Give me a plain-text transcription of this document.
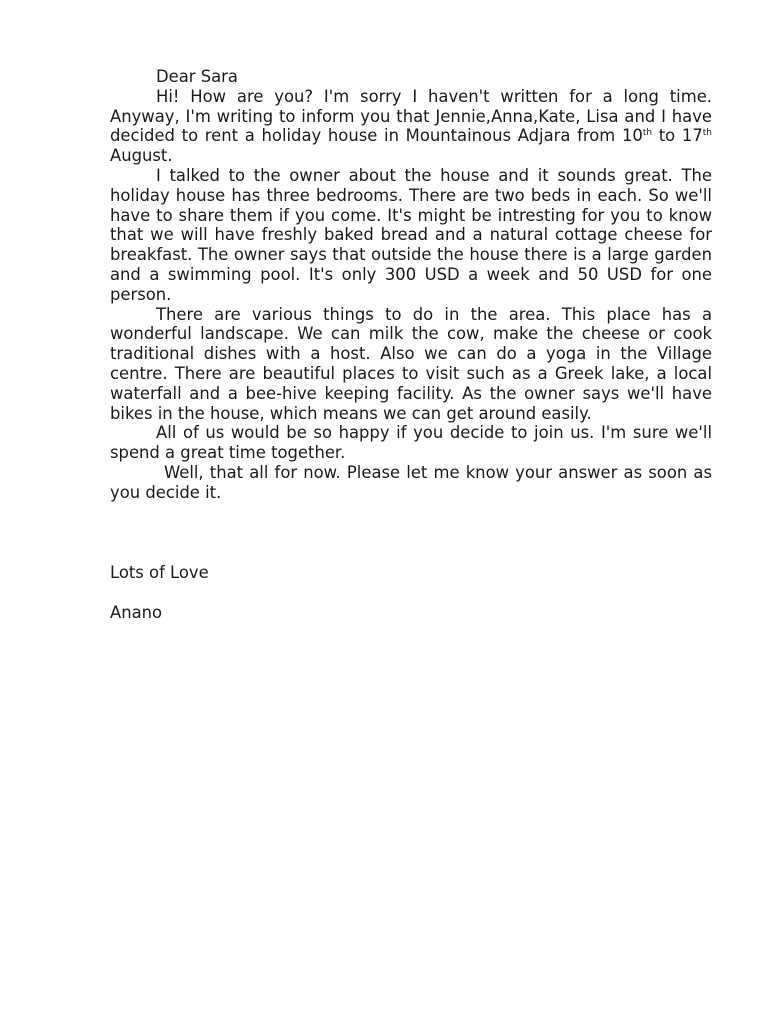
Dear Sara

Hi! How are you? I'm sorry I haven't written for a long time. Anyway, I'm writing to inform you that Jennie,Anna,Kate, Lisa and I have decided to rent a holiday house in Mountainous Adjara from 10th to 17th August.

I talked to the owner about the house and it sounds great. The holiday house has three bedrooms. There are two beds in each. So we'll have to share them if you come. It's might be intresting for you to know that we will have freshly baked bread and a natural cottage cheese for breakfast. The owner says that outside the house there is a large garden and a swimming pool. It's only 300 USD a week and 50 USD for one person.

There are various things to do in the area. This place has a wonderful landscape. We can milk the cow, make the cheese or cook traditional dishes with a host. Also we can do a yoga in the Village centre. There are beautiful places to visit such as a Greek lake, a local waterfall and a bee-hive keeping facility. As the owner says we'll have bikes in the house, which means we can get around easily.

All of us would be so happy if you decide to join us. I'm sure we'll spend a great time together.

Well, that all for now. Please let me know your answer as soon as you decide it.

Lots of Love

Anano
